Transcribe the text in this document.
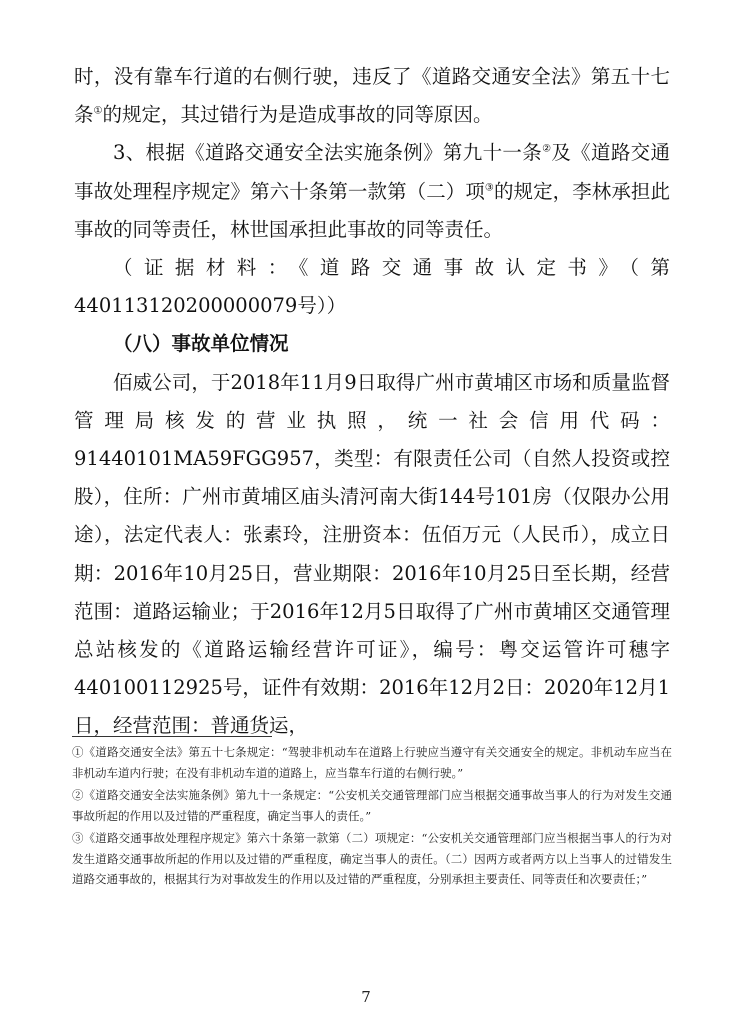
时，没有靠车行道的右侧行驶，违反了《道路交通安全法》第五十七条①的规定，其过错行为是造成事故的同等原因。

3、根据《道路交通安全法实施条例》第九十一条②及《道路交通事故处理程序规定》第六十条第一款第（二）项③的规定，李林承担此事故的同等责任，林世国承担此事故的同等责任。

（证据材料：《道路交通事故认定书》（第440113120200000079号））

（八）事故单位情况

佰威公司，于2018年11月9日取得广州市黄埔区市场和质量监督管理局核发的营业执照，统一社会信用代码：91440101MA59FGG957，类型：有限责任公司（自然人投资或控股），住所：广州市黄埔区庙头清河南大街144号101房（仅限办公用途），法定代表人：张素玲，注册资本：伍佰万元（人民币），成立日期：2016年10月25日，营业期限：2016年10月25日至长期，经营范围：道路运输业；于2016年12月5日取得了广州市黄埔区交通管理总站核发的《道路运输经营许可证》，编号：粤交运管许可穗字440100112925号，证件有效期：2016年12月2日：2020年12月1日，经营范围：普通货运，

①《道路交通安全法》第五十七条规定：“驾驶非机动车在道路上行驶应当遵守有关交通安全的规定。非机动车应当在非机动车道内行驶；在没有非机动车道的道路上，应当靠车行道的右侧行驶。”

②《道路交通安全法实施条例》第九十一条规定：“公安机关交通管理部门应当根据交通事故当事人的行为对发生交通事故所起的作用以及过错的严重程度，确定当事人的责任。”

③《道路交通事故处理程序规定》第六十条第一款第（二）项规定：“公安机关交通管理部门应当根据当事人的行为对发生道路交通事故所起的作用以及过错的严重程度，确定当事人的责任。（二）因两方或者两方以上当事人的过错发生道路交通事故的，根据其行为对事故发生的作用以及过错的严重程度，分别承担主要责任、同等责任和次要责任；”

7
